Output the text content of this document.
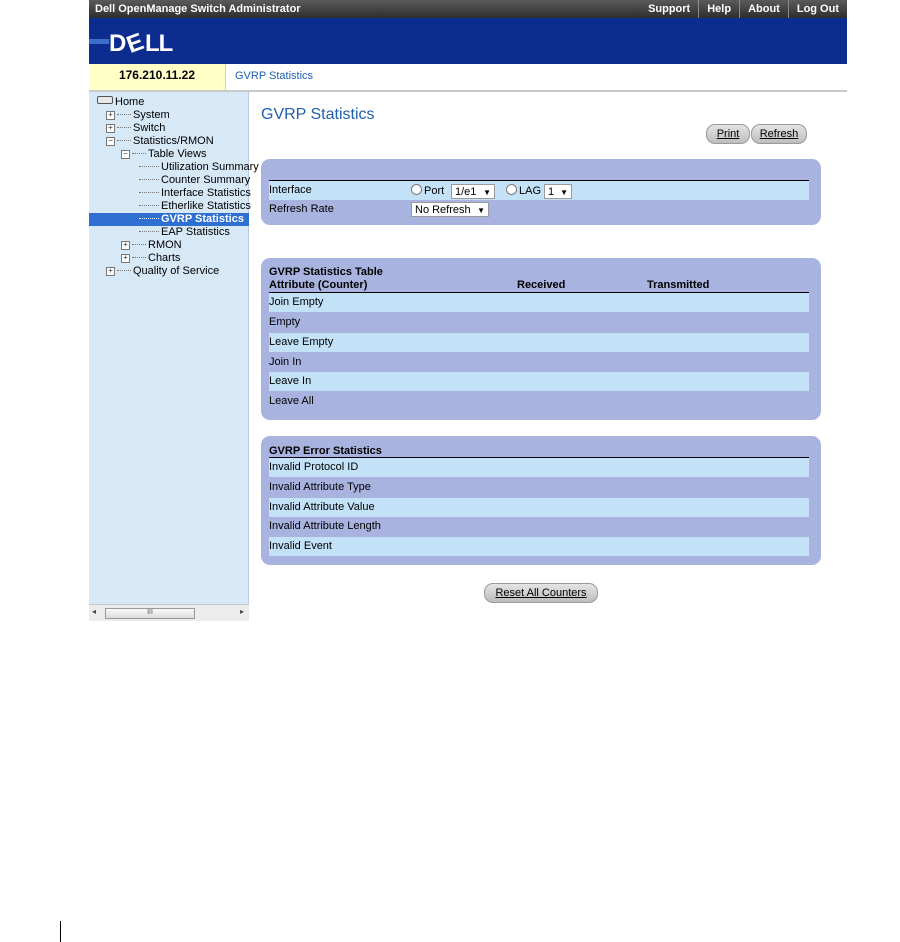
Dell OpenManage Switch Administrator	Support	Help	About	Log Out
D
E
LL
176.210.11.22	GVRP Statistics
Home
+ System
+ Switch
− Statistics/RMON
− Table Views
Utilization Summary
Counter Summary
Interface Statistics
Etherlike Statistics
GVRP Statistics
EAP Statistics
+ RMON
+ Charts
+ Quality of Service
◂	III	▸
GVRP Statistics
Print	Refresh
Interface	Port 1/e1 ▼	LAG 1 ▼
Refresh Rate	No Refresh ▼
GVRP Statistics Table
Attribute (Counter)	Received	Transmitted
Join Empty
Empty
Leave Empty
Join In
Leave In
Leave All
GVRP Error Statistics
Invalid Protocol ID
Invalid Attribute Type
Invalid Attribute Value
Invalid Attribute Length
Invalid Event
Reset All Counters
